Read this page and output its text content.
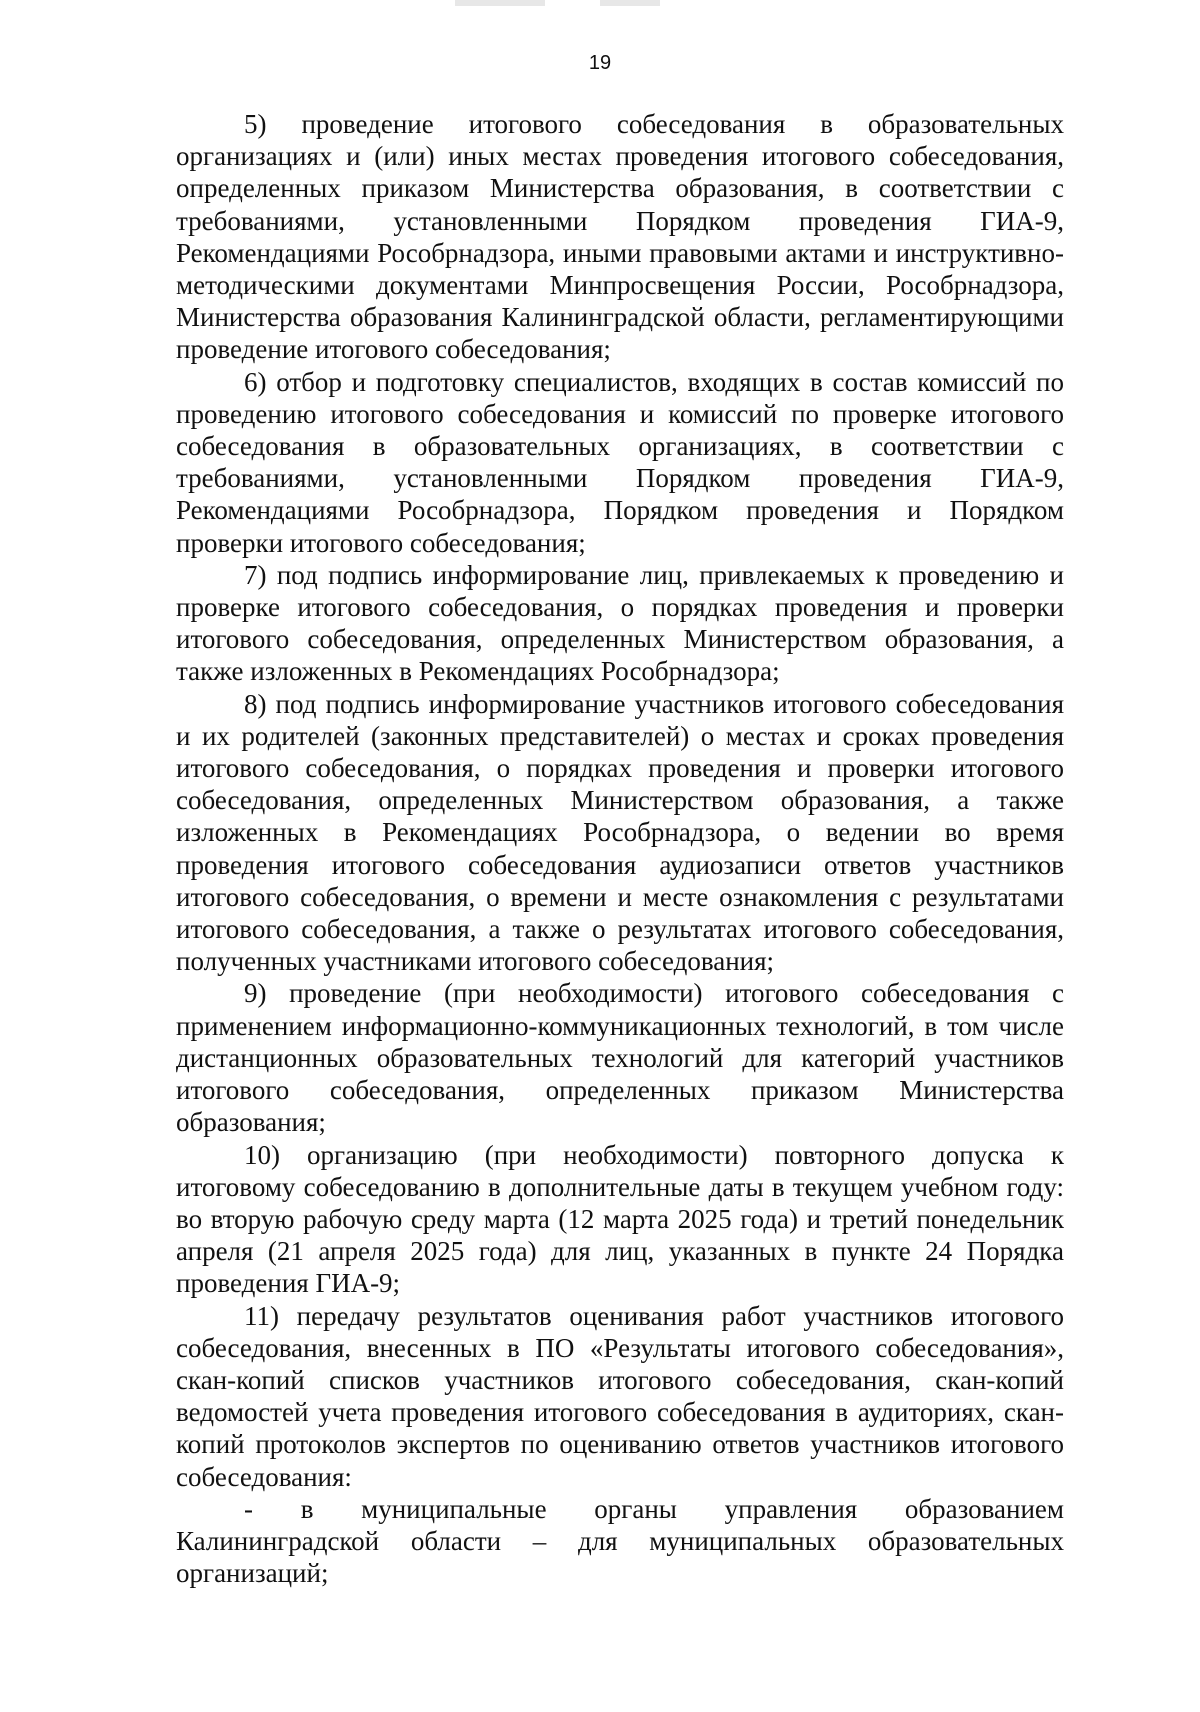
19

5) проведение итогового собеседования в образовательных организациях и (или) иных местах проведения итогового собеседования, определенных приказом Министерства образования, в соответствии с требованиями, установленными Порядком проведения ГИА-9, Рекомендациями Рособрнадзора, иными правовыми актами и инструктивно-методическими документами Минпросвещения России, Рособрнадзора, Министерства образования Калининградской области, регламентирующими проведение итогового собеседования;

6) отбор и подготовку специалистов, входящих в состав комиссий по проведению итогового собеседования и комиссий по проверке итогового собеседования в образовательных организациях, в соответствии с требованиями, установленными Порядком проведения ГИА-9, Рекомендациями Рособрнадзора, Порядком проведения и Порядком проверки итогового собеседования;

7) под подпись информирование лиц, привлекаемых к проведению и проверке итогового собеседования, о порядках проведения и проверки итогового собеседования, определенных Министерством образования, а также изложенных в Рекомендациях Рособрнадзора;

8) под подпись информирование участников итогового собеседования и их родителей (законных представителей) о местах и сроках проведения итогового собеседования, о порядках проведения и проверки итогового собеседования, определенных Министерством образования, а также изложенных в Рекомендациях Рособрнадзора, о ведении во время проведения итогового собеседования аудиозаписи ответов участников итогового собеседования, о времени и месте ознакомления с результатами итогового собеседования, а также о результатах итогового собеседования, полученных участниками итогового собеседования;

9) проведение (при необходимости) итогового собеседования с применением информационно-коммуникационных технологий, в том числе дистанционных образовательных технологий для категорий участников итогового собеседования, определенных приказом Министерства образования;

10) организацию (при необходимости) повторного допуска к итоговому собеседованию в дополнительные даты в текущем учебном году: во вторую рабочую среду марта (12 марта 2025 года) и третий понедельник апреля (21 апреля 2025 года) для лиц, указанных в пункте 24 Порядка проведения ГИА-9;

11) передачу результатов оценивания работ участников итогового собеседования, внесенных в ПО «Результаты итогового собеседования», скан-копий списков участников итогового собеседования, скан-копий ведомостей учета проведения итогового собеседования в аудиториях, скан-копий протоколов экспертов по оцениванию ответов участников итогового собеседования:

- в муниципальные органы управления образованием Калининградской области – для муниципальных образовательных организаций;
